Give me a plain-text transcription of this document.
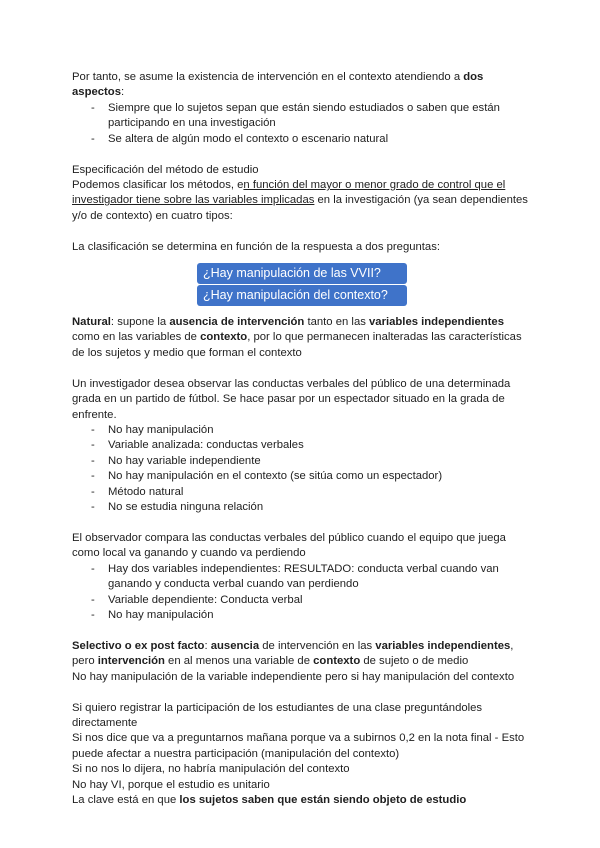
Por tanto, se asume la existencia de intervención en el contexto atendiendo a dos aspectos:

- Siempre que lo sujetos sepan que están siendo estudiados o saben que están participando en una investigación
- Se altera de algún modo el contexto o escenario natural

Especificación del método de estudio

Podemos clasificar los métodos, en función del mayor o menor grado de control que el investigador tiene sobre las variables implicadas en la investigación (ya sean dependientes y/o de contexto) en cuatro tipos:

La clasificación se determina en función de la respuesta a dos preguntas:

¿Hay manipulación de las VVII?
¿Hay manipulación del contexto?

Natural: supone la ausencia de intervención tanto en las variables independientes como en las variables de contexto, por lo que permanecen inalteradas las características de los sujetos y medio que forman el contexto

Un investigador desea observar las conductas verbales del público de una determinada grada en un partido de fútbol. Se hace pasar por un espectador situado en la grada de enfrente.

- No hay manipulación
- Variable analizada: conductas verbales
- No hay variable independiente
- No hay manipulación en el contexto (se sitúa como un espectador)
- Método natural
- No se estudia ninguna relación

El observador compara las conductas verbales del público cuando el equipo que juega como local va ganando y cuando va perdiendo

- Hay dos variables independientes: RESULTADO: conducta verbal cuando van ganando y conducta verbal cuando van perdiendo
- Variable dependiente: Conducta verbal
- No hay manipulación

Selectivo o ex post facto: ausencia de intervención en las variables independientes, pero intervención en al menos una variable de contexto de sujeto o de medio

No hay manipulación de la variable independiente pero si hay manipulación del contexto

Si quiero registrar la participación de los estudiantes de una clase preguntándoles directamente

Si nos dice que va a preguntarnos mañana porque va a subirnos 0,2 en la nota final - Esto puede afectar a nuestra participación (manipulación del contexto)

Si no nos lo dijera, no habría manipulación del contexto

No hay VI, porque el estudio es unitario

La clave está en que los sujetos saben que están siendo objeto de estudio
